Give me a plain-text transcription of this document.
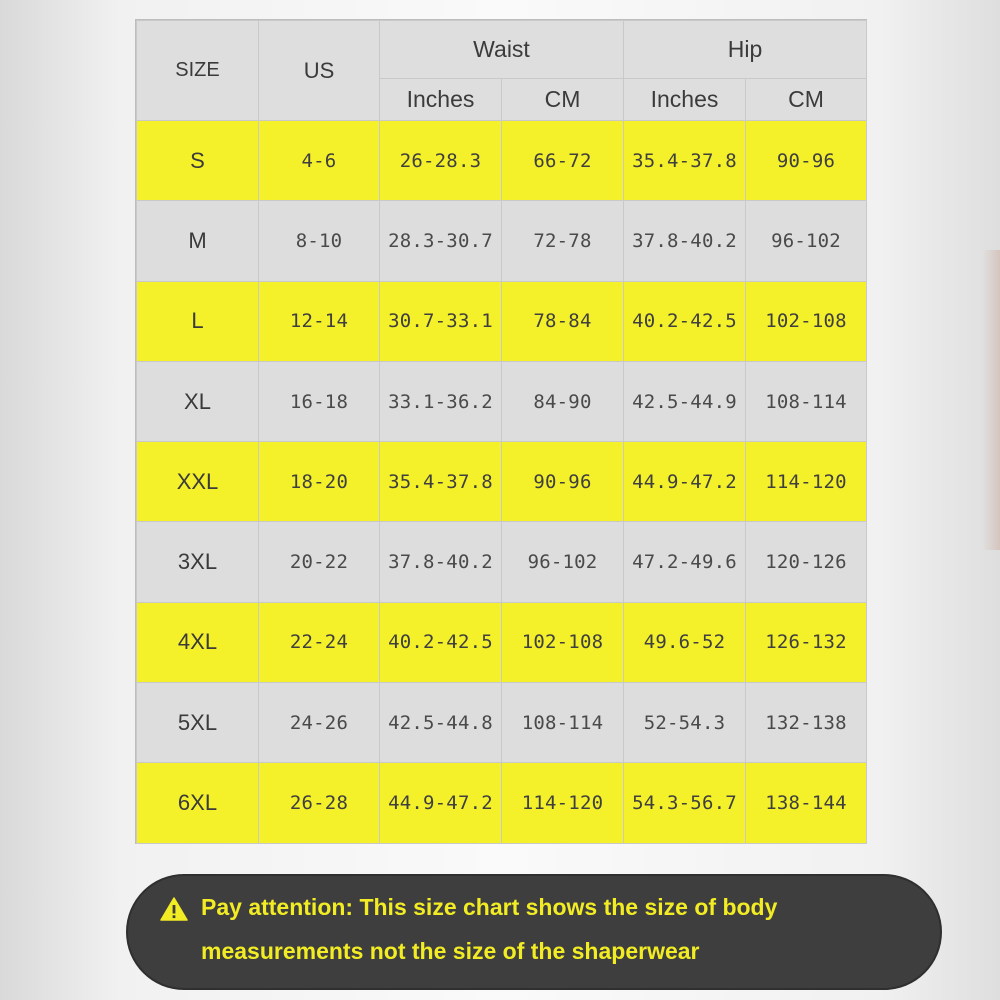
SIZE	US	Waist		Hip	
		Inches	CM	Inches	CM
S	4-6	26-28.3	66-72	35.4-37.8	90-96
M	8-10	28.3-30.7	72-78	37.8-40.2	96-102
L	12-14	30.7-33.1	78-84	40.2-42.5	102-108
XL	16-18	33.1-36.2	84-90	42.5-44.9	108-114
XXL	18-20	35.4-37.8	90-96	44.9-47.2	114-120
3XL	20-22	37.8-40.2	96-102	47.2-49.6	120-126
4XL	22-24	40.2-42.5	102-108	49.6-52	126-132
5XL	24-26	42.5-44.8	108-114	52-54.3	132-138
6XL	26-28	44.9-47.2	114-120	54.3-56.7	138-144
Pay attention: This size chart shows the size of body
measurements not the size of the shaperwear
